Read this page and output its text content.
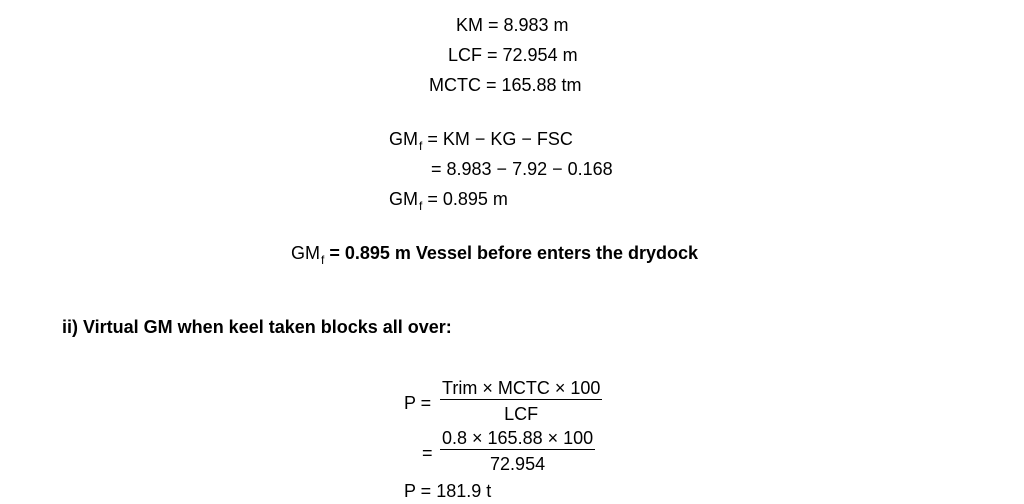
KM = 8.983 m
LCF = 72.954 m
MCTC = 165.88 tm
$GM_f$ = KM − KG − FSC
= 8.983 − 7.92 − 0.168
$GM_f = 0.895$ m
$GM_f = 0.895$ m Vessel before enters the drydock
ii) Virtual GM when keel taken blocks all over:
P =
Trim × MCTC × 100
LCF
=
0.8 × 165.88 × 100
72.954
P = 181.9 t
